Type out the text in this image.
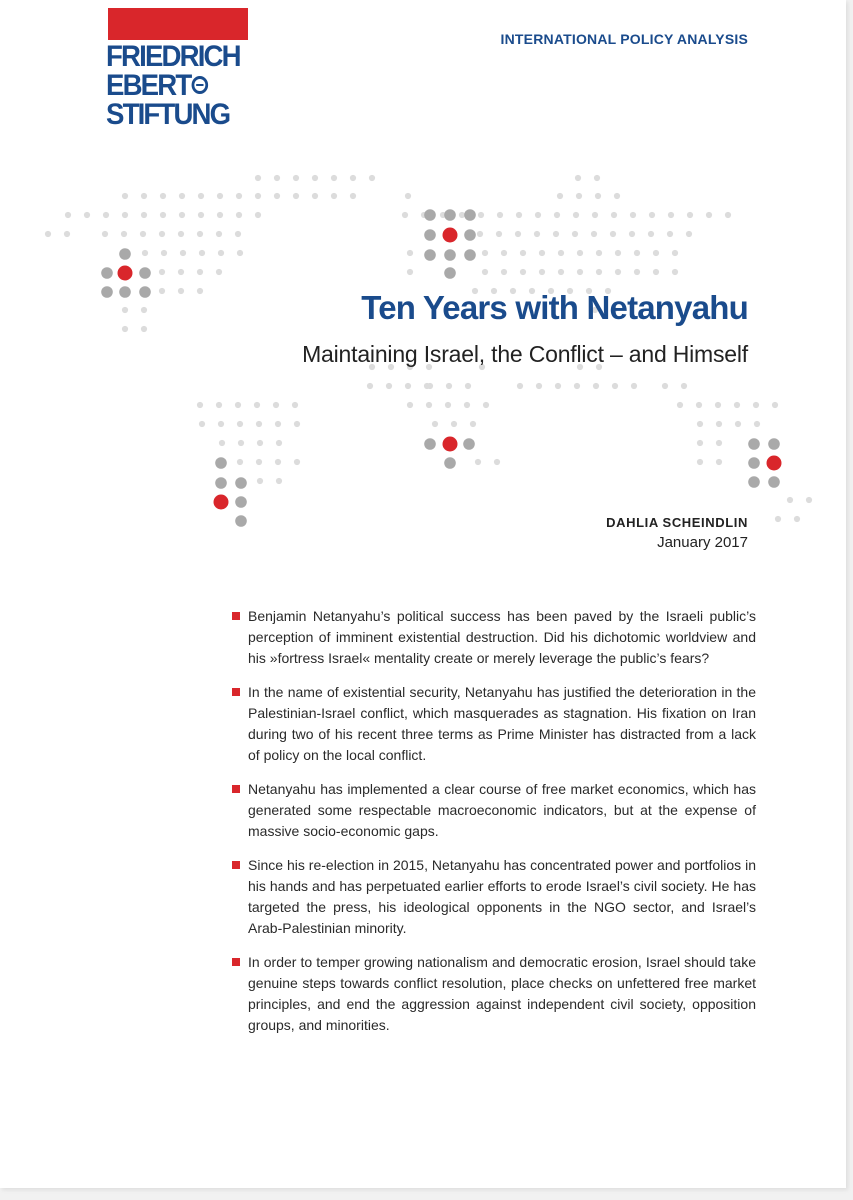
FRIEDRICH
EBERT
STIFTUNG
INTERNATIONAL POLICY ANALYSIS
Ten Years with Netanyahu
Maintaining Israel, the Conflict – and Himself
DAHLIA SCHEINDLIN
January 2017
Benjamin Netanyahu’s political success has been paved by the Israeli public’s perception of imminent existential destruction. Did his dichotomic worldview and his »fortress Israel« mentality create or merely leverage the public’s fears?
In the name of existential security, Netanyahu has justified the deterioration in the Palestinian-Israel conflict, which masquerades as stagnation. His fixation on Iran during two of his recent three terms as Prime Minister has distracted from a lack of policy on the local conflict.
Netanyahu has implemented a clear course of free market economics, which has generated some respectable macroeconomic indicators, but at the expense of massive socio-economic gaps.
Since his re-election in 2015, Netanyahu has concentrated power and portfolios in his hands and has perpetuated earlier efforts to erode Israel’s civil society. He has targeted the press, his ideological opponents in the NGO sector, and Israel’s Arab-Palestinian minority.
In order to temper growing nationalism and democratic erosion, Israel should take genuine steps towards conflict resolution, place checks on unfettered free market principles, and end the aggression against independent civil society, opposition groups, and minorities.
